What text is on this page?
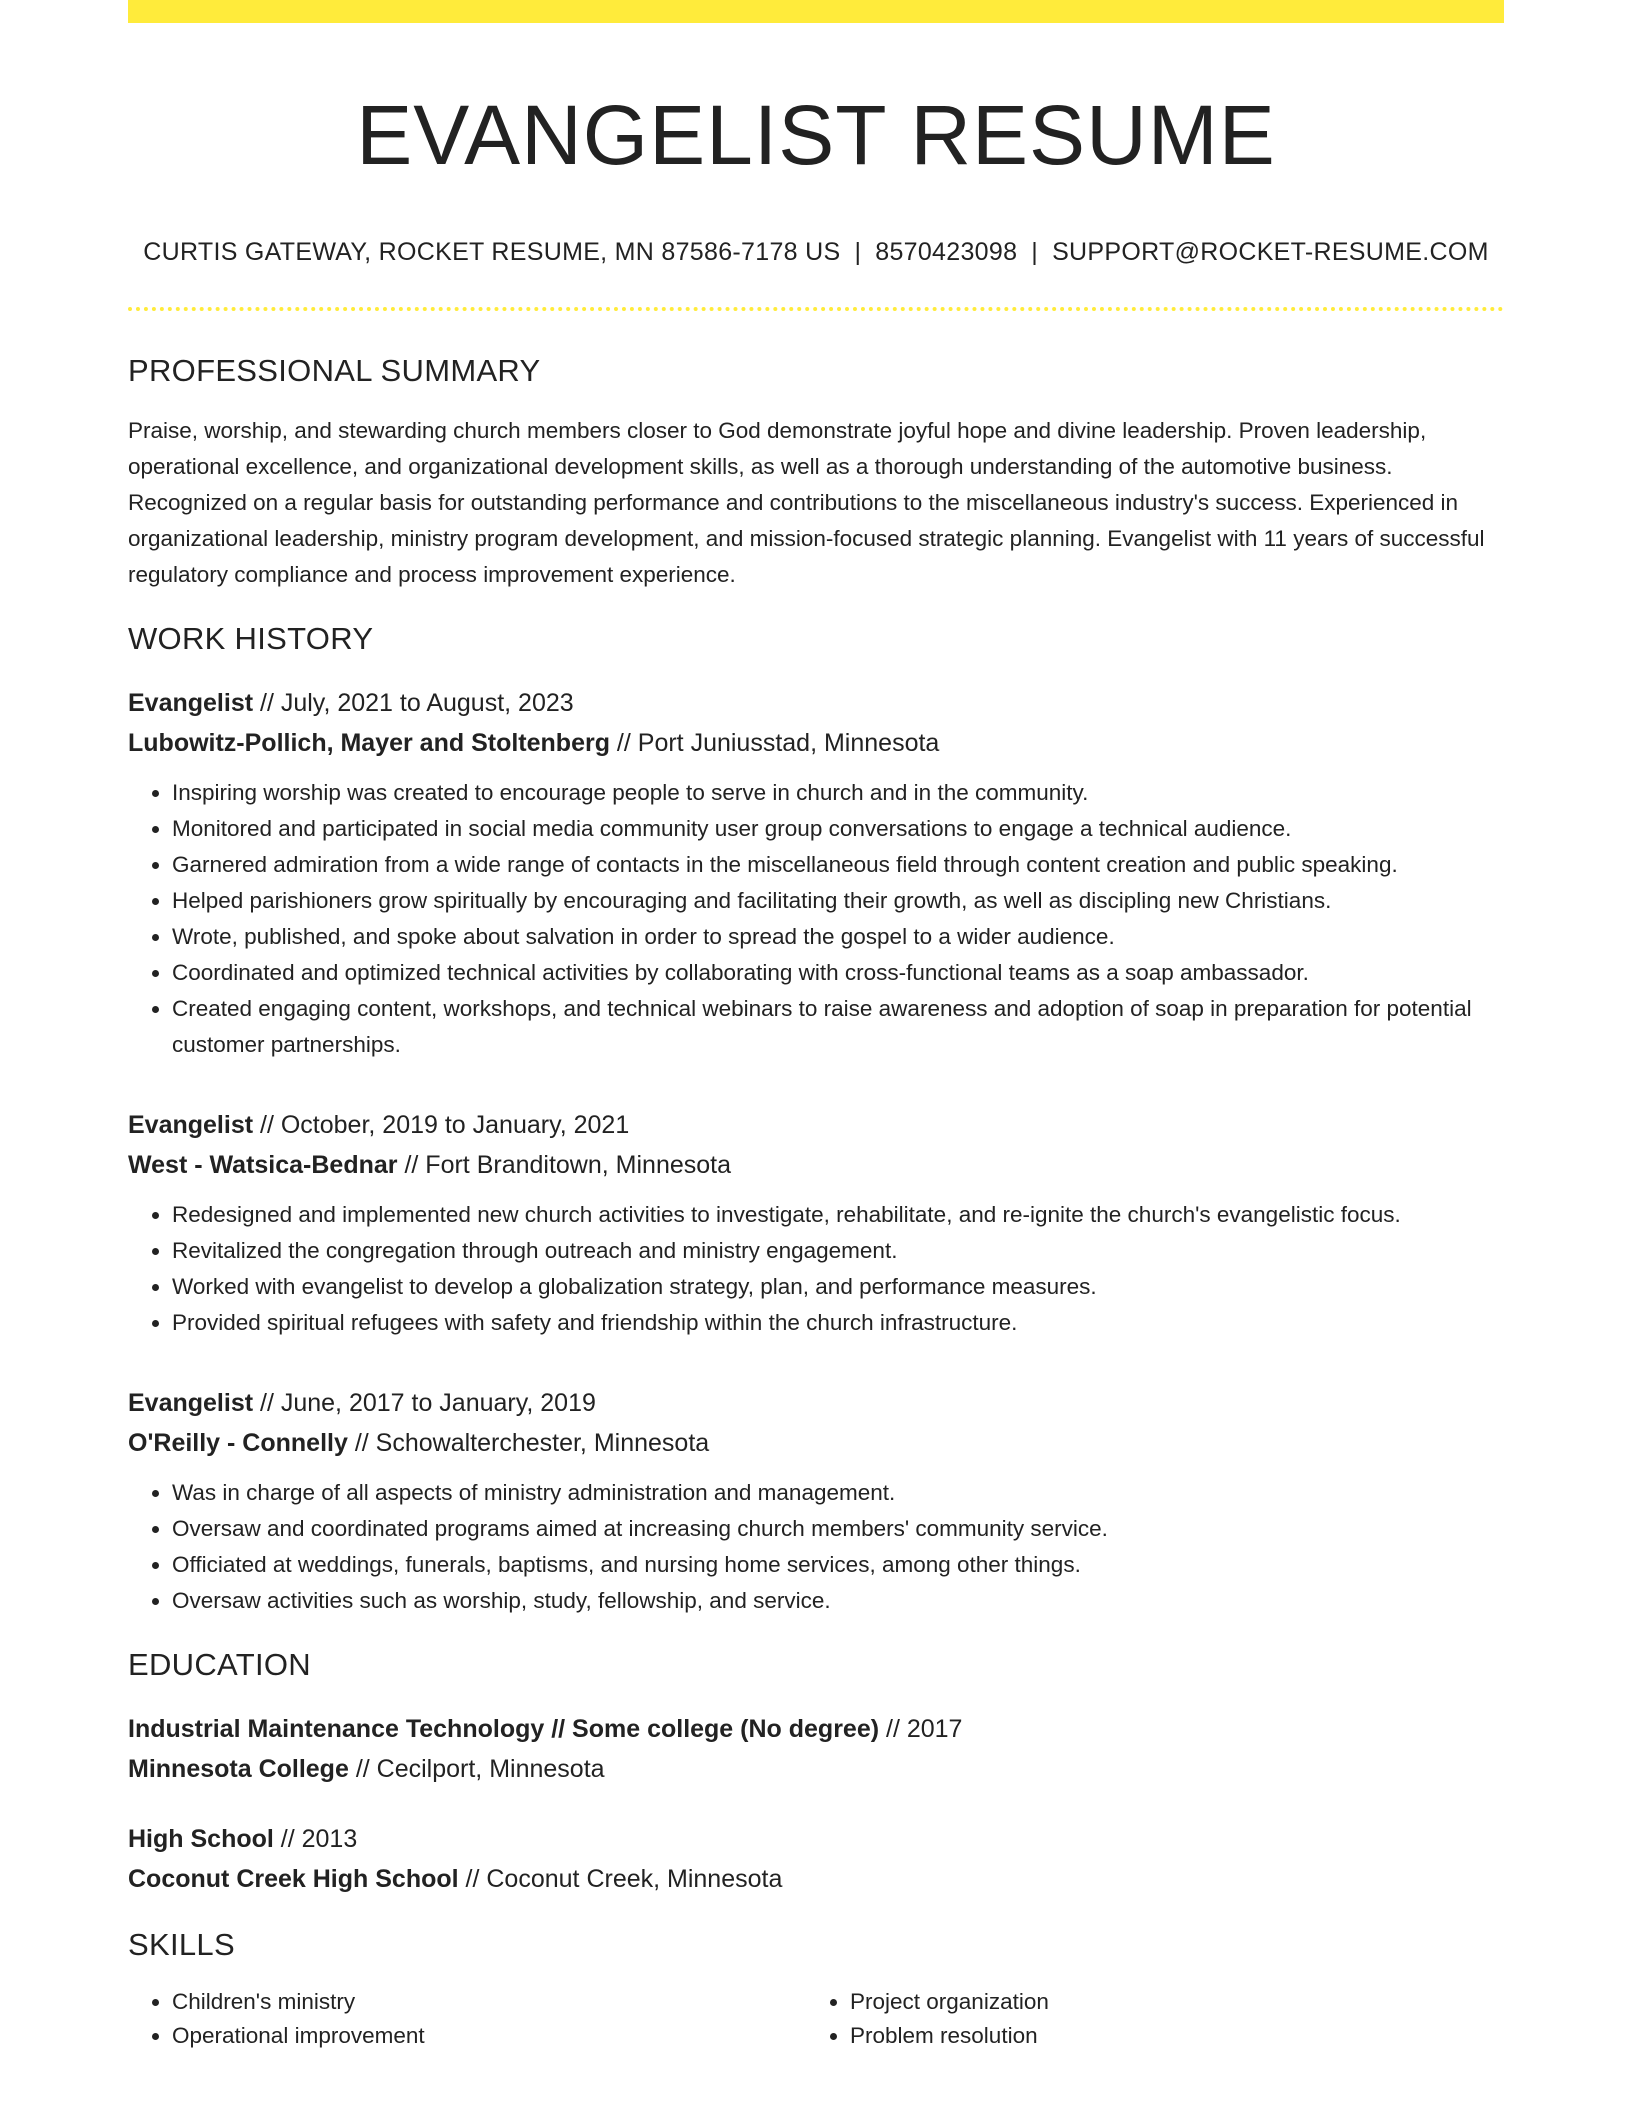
EVANGELIST RESUME
CURTIS GATEWAY, ROCKET RESUME, MN 87586-7178 US | 8570423098 | SUPPORT@ROCKET-RESUME.COM
PROFESSIONAL SUMMARY
Praise, worship, and stewarding church members closer to God demonstrate joyful hope and divine leadership. Proven leadership, operational excellence, and organizational development skills, as well as a thorough understanding of the automotive business. Recognized on a regular basis for outstanding performance and contributions to the miscellaneous industry's success. Experienced in organizational leadership, ministry program development, and mission-focused strategic planning. Evangelist with 11 years of successful regulatory compliance and process improvement experience.
WORK HISTORY
Evangelist // July, 2021 to August, 2023
Lubowitz-Pollich, Mayer and Stoltenberg // Port Juniusstad, Minnesota
• Inspiring worship was created to encourage people to serve in church and in the community.
• Monitored and participated in social media community user group conversations to engage a technical audience.
• Garnered admiration from a wide range of contacts in the miscellaneous field through content creation and public speaking.
• Helped parishioners grow spiritually by encouraging and facilitating their growth, as well as discipling new Christians.
• Wrote, published, and spoke about salvation in order to spread the gospel to a wider audience.
• Coordinated and optimized technical activities by collaborating with cross-functional teams as a soap ambassador.
• Created engaging content, workshops, and technical webinars to raise awareness and adoption of soap in preparation for potential customer partnerships.
Evangelist // October, 2019 to January, 2021
West - Watsica-Bednar // Fort Branditown, Minnesota
• Redesigned and implemented new church activities to investigate, rehabilitate, and re-ignite the church's evangelistic focus.
• Revitalized the congregation through outreach and ministry engagement.
• Worked with evangelist to develop a globalization strategy, plan, and performance measures.
• Provided spiritual refugees with safety and friendship within the church infrastructure.
Evangelist // June, 2017 to January, 2019
O'Reilly - Connelly // Schowalterchester, Minnesota
• Was in charge of all aspects of ministry administration and management.
• Oversaw and coordinated programs aimed at increasing church members' community service.
• Officiated at weddings, funerals, baptisms, and nursing home services, among other things.
• Oversaw activities such as worship, study, fellowship, and service.
EDUCATION
Industrial Maintenance Technology // Some college (No degree) // 2017
Minnesota College // Cecilport, Minnesota
High School // 2013
Coconut Creek High School // Coconut Creek, Minnesota
SKILLS
• Children's ministry
• Operational improvement
• Project organization
• Problem resolution
